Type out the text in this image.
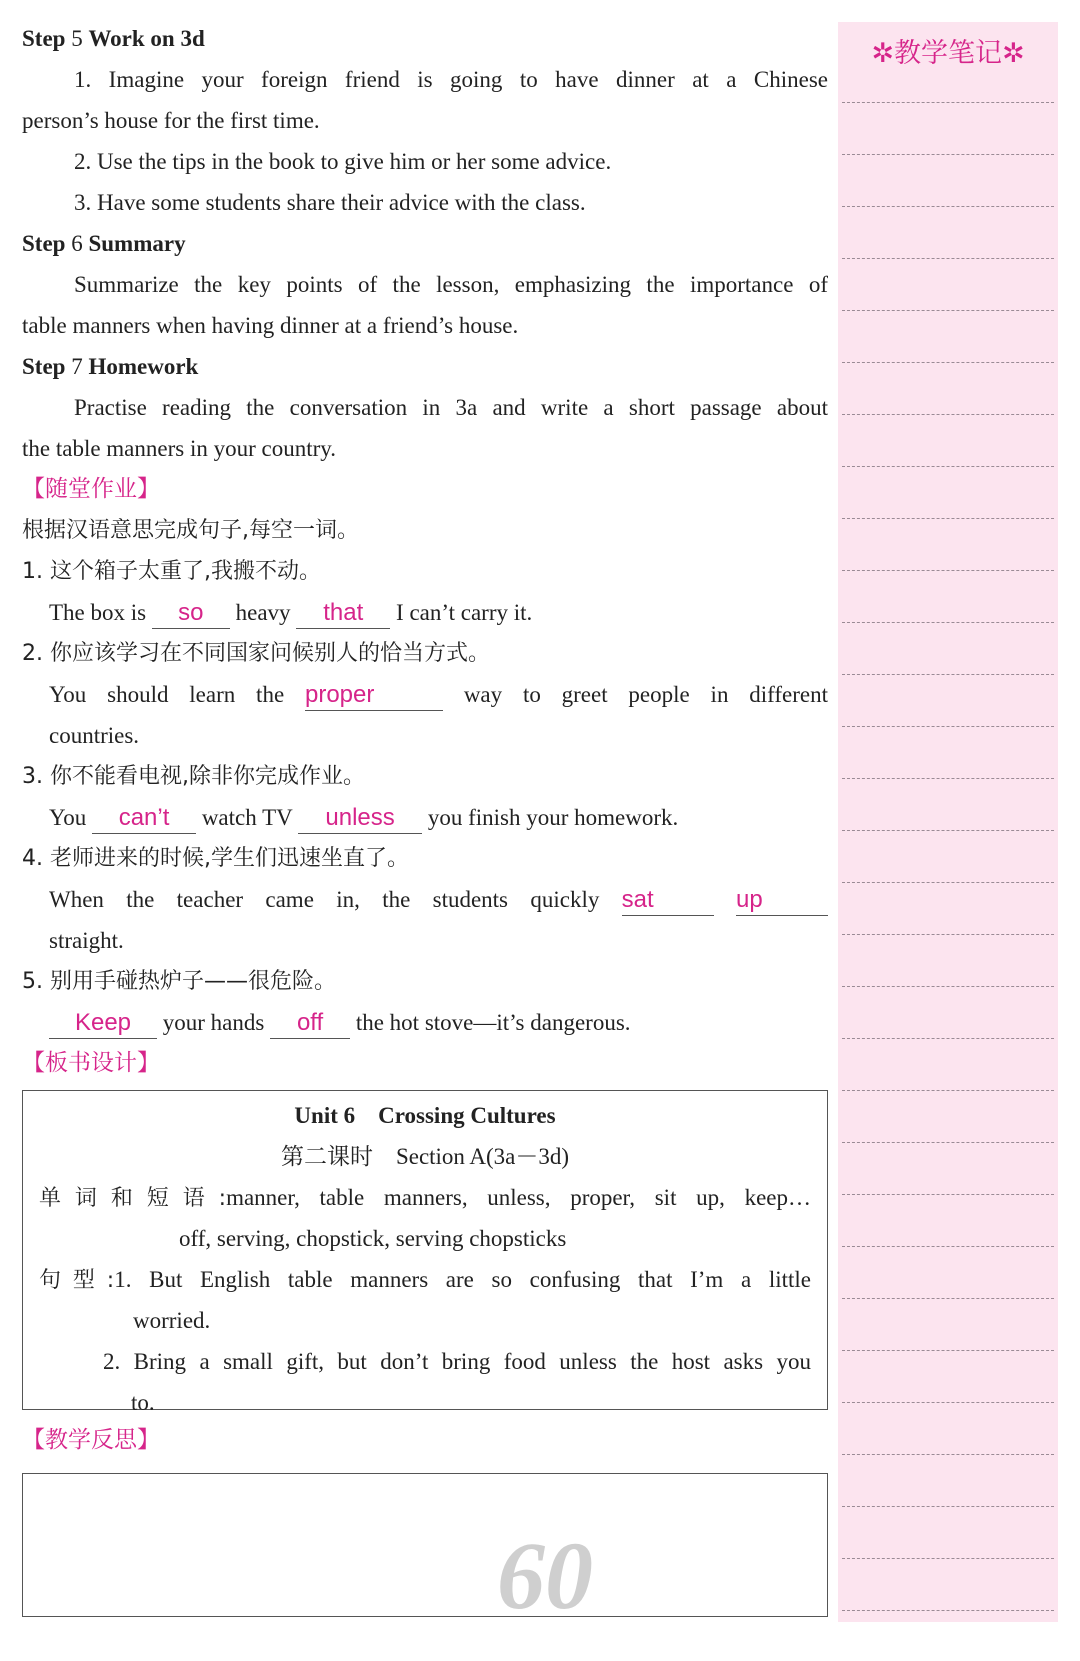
Step 5 Work on 3d
1. Imagine your foreign friend is going to have dinner at a Chinese
person’s house for the first time.
2. Use the tips in the book to give him or her some advice.
3. Have some students share their advice with the class.
Step 6 Summary
Summarize the key points of the lesson, emphasizing the importance of
table manners when having dinner at a friend’s house.
Step 7 Homework
Practise reading the conversation in 3a and write a short passage about
the table manners in your country.
【随堂作业】
根据汉语意思完成句子,每空一词。
1. 这个箱子太重了,我搬不动。
The box is so heavy that I can’t carry it.
2. 你应该学习在不同国家问候别人的恰当方式。
You should learn the proper	way to greet people in different
countries.
3. 你不能看电视,除非你完成作业。
You can’t watch TV unless you finish your homework.
4. 老师进来的时候,学生们迅速坐直了。
When the teacher came in, the students quickly sat	up
straight.
5. 别用手碰热炉子——很危险。
Keep your hands off the hot stove—it’s dangerous.
【板书设计】
Unit 6 Crossing Cultures
第二课时　Section A(3a－3d)
单词和短语:manner, table manners, unless, proper, sit up, keep…
off, serving, chopstick, serving chopsticks
句型:1. But English table manners are so confusing that I’m a little
worried.
2. Bring a small gift, but don’t bring food unless the host asks you
to.
【教学反思】
60
✲教学笔记✲
